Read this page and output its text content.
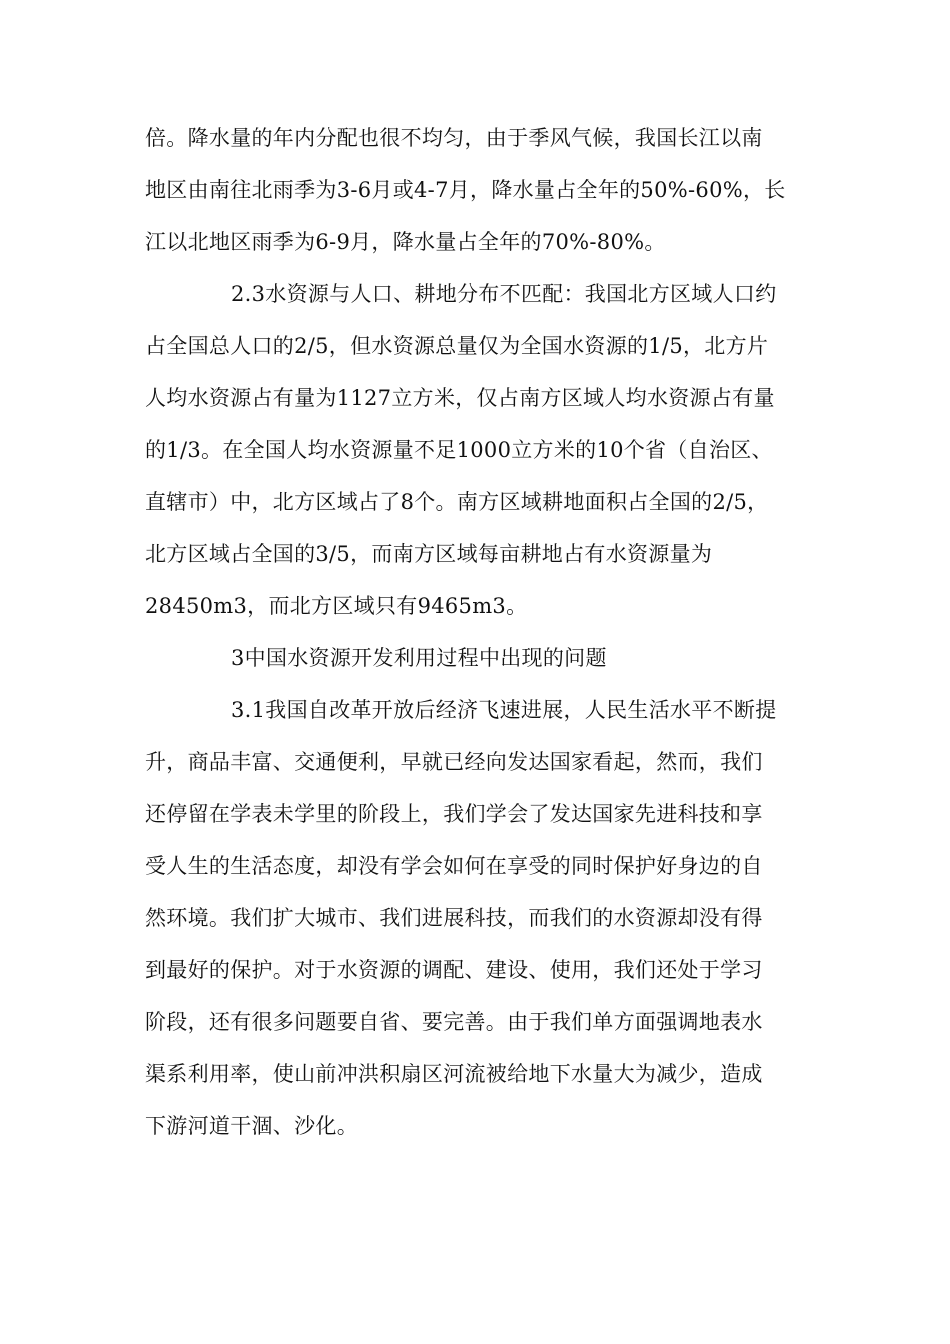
倍。降水量的年内分配也很不均匀，由于季风气候，我国长江以南
地区由南往北雨季为3-6月或4-7月，降水量占全年的50%-60%，长
江以北地区雨季为6-9月，降水量占全年的70%-80%。
2.3水资源与人口、耕地分布不匹配：我国北方区域人口约
占全国总人口的2/5，但水资源总量仅为全国水资源的1/5，北方片
人均水资源占有量为1127立方米，仅占南方区域人均水资源占有量
的1/3。在全国人均水资源量不足1000立方米的10个省（自治区、
直辖市）中，北方区域占了8个。南方区域耕地面积占全国的2/5，
北方区域占全国的3/5，而南方区域每亩耕地占有水资源量为
28450m3，而北方区域只有9465m3。
3中国水资源开发利用过程中出现的问题
3.1我国自改革开放后经济飞速进展，人民生活水平不断提
升，商品丰富、交通便利，早就已经向发达国家看起，然而，我们
还停留在学表未学里的阶段上，我们学会了发达国家先进科技和享
受人生的生活态度，却没有学会如何在享受的同时保护好身边的自
然环境。我们扩大城市、我们进展科技，而我们的水资源却没有得
到最好的保护。对于水资源的调配、建设、使用，我们还处于学习
阶段，还有很多问题要自省、要完善。由于我们单方面强调地表水
渠系利用率，使山前冲洪积扇区河流被给地下水量大为减少，造成
下游河道干涸、沙化。
